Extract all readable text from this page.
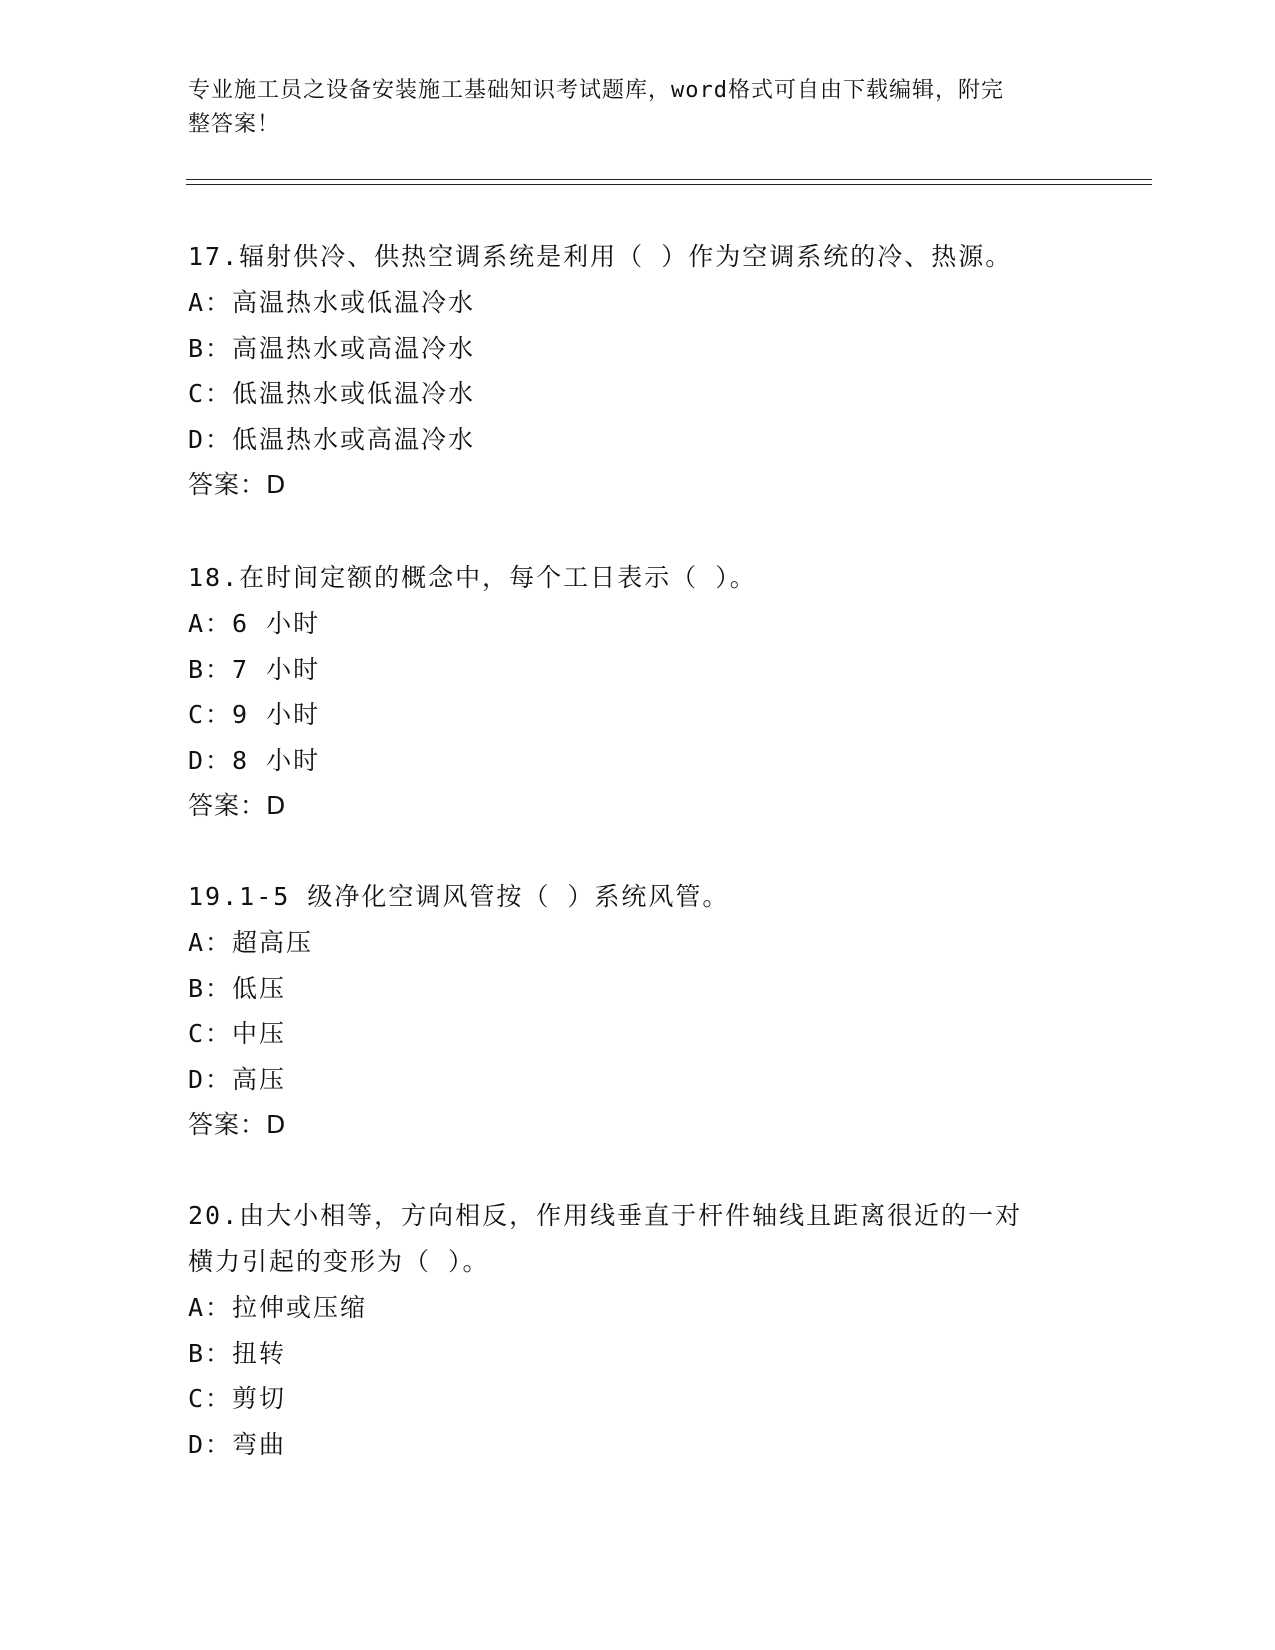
专业施工员之设备安装施工基础知识考试题库，word格式可自由下载编辑，附完
整答案！
17.辐射供冷、供热空调系统是利用（ ）作为空调系统的冷、热源。
A：高温热水或低温冷水
B：高温热水或高温冷水
C：低温热水或低温冷水
D：低温热水或高温冷水
答案：D
18.在时间定额的概念中，每个工日表示（ ）。
A：6 小时
B：7 小时
C：9 小时
D：8 小时
答案：D
19.1-5 级净化空调风管按（ ）系统风管。
A：超高压
B：低压
C：中压
D：高压
答案：D
20.由大小相等，方向相反，作用线垂直于杆件轴线且距离很近的一对
横力引起的变形为（ ）。
A：拉伸或压缩
B：扭转
C：剪切
D：弯曲
